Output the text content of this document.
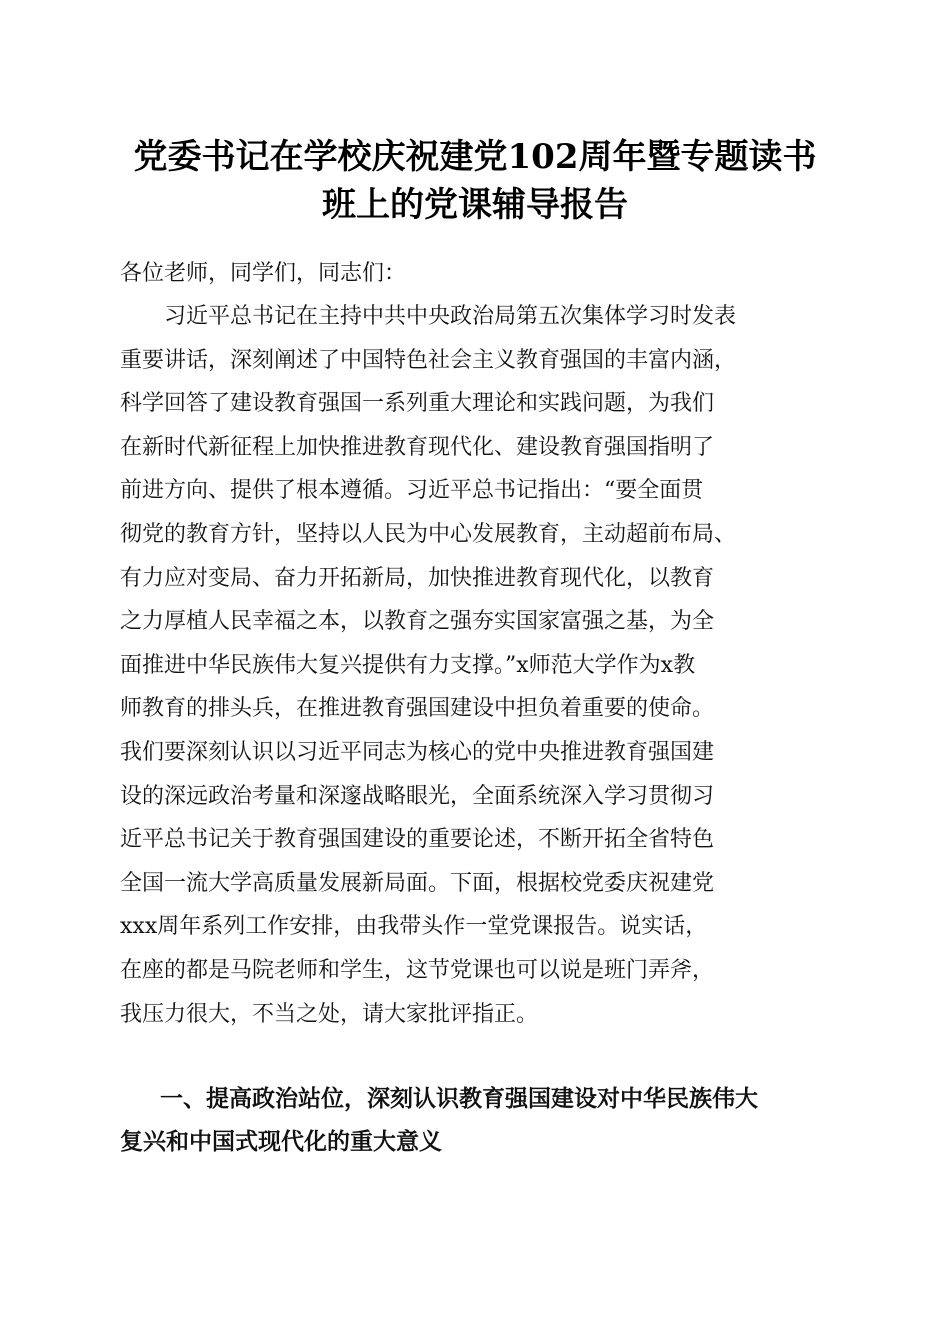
党委书记在学校庆祝建党102周年暨专题读书
班上的党课辅导报告

各位老师，同学们，同志们：

习近平总书记在主持中共中央政治局第五次集体学习时发表
重要讲话，深刻阐述了中国特色社会主义教育强国的丰富内涵，
科学回答了建设教育强国一系列重大理论和实践问题，为我们
在新时代新征程上加快推进教育现代化、建设教育强国指明了
前进方向、提供了根本遵循。习近平总书记指出：“要全面贯
彻党的教育方针，坚持以人民为中心发展教育，主动超前布局、
有力应对变局、奋力开拓新局，加快推进教育现代化，以教育
之力厚植人民幸福之本，以教育之强夯实国家富强之基，为全
面推进中华民族伟大复兴提供有力支撑。”x师范大学作为x教
师教育的排头兵，在推进教育强国建设中担负着重要的使命。
我们要深刻认识以习近平同志为核心的党中央推进教育强国建
设的深远政治考量和深邃战略眼光，全面系统深入学习贯彻习
近平总书记关于教育强国建设的重要论述，不断开拓全省特色
全国一流大学高质量发展新局面。下面，根据校党委庆祝建党
xxx周年系列工作安排，由我带头作一堂党课报告。说实话，
在座的都是马院老师和学生，这节党课也可以说是班门弄斧，
我压力很大，不当之处，请大家批评指正。

一、提高政治站位，深刻认识教育强国建设对中华民族伟大
复兴和中国式现代化的重大意义
